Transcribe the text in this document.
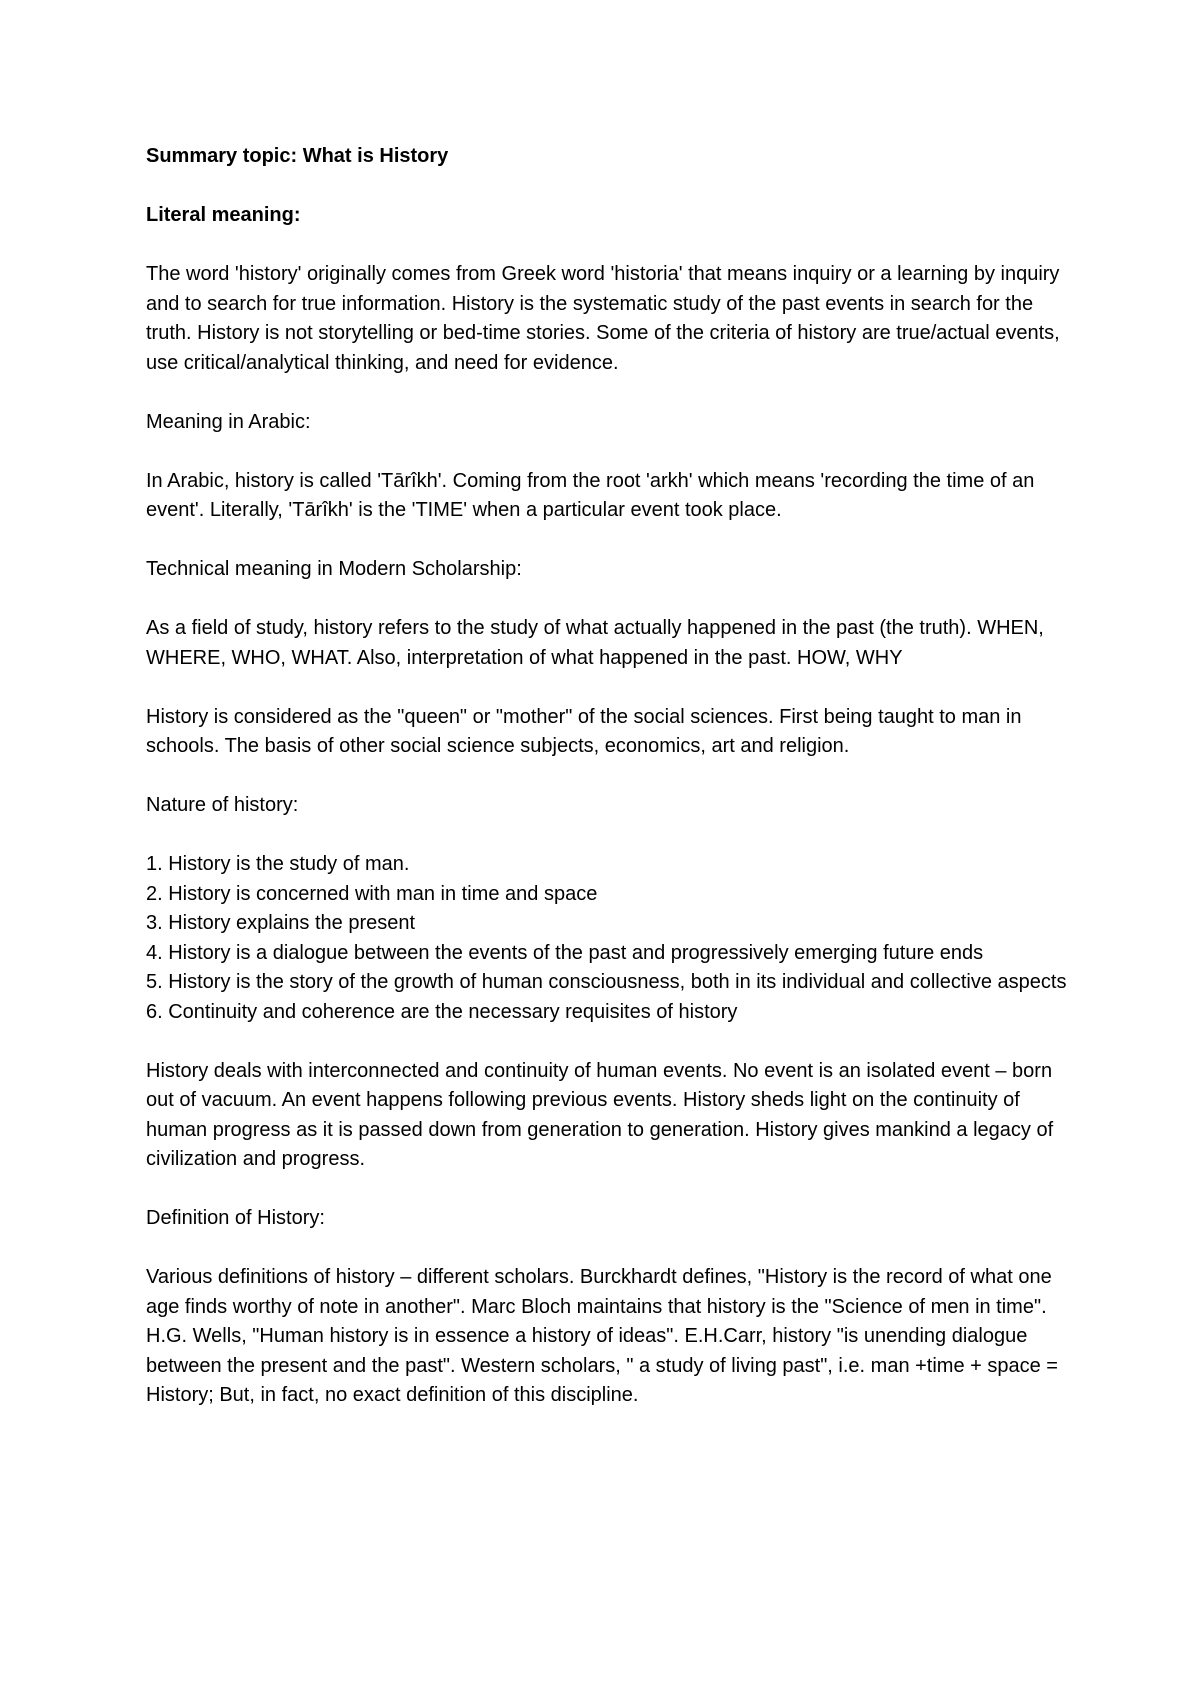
Summary topic: What is History
Literal meaning:
The word 'history' originally comes from Greek word 'historia' that means inquiry or a learning by inquiry and to search for true information. History is the systematic study of the past events in search for the truth. History is not storytelling or bed-time stories. Some of the criteria of history are true/actual events, use critical/analytical thinking, and need for evidence.
Meaning in Arabic:
In Arabic, history is called 'Tārîkh'. Coming from the root 'arkh' which means 'recording the time of an event'. Literally, 'Tārîkh' is the 'TIME' when a particular event took place.
Technical meaning in Modern Scholarship:
As a field of study, history refers to the study of what actually happened in the past (the truth). WHEN, WHERE, WHO, WHAT. Also, interpretation of what happened in the past. HOW, WHY
History is considered as the "queen" or "mother" of the social sciences. First being taught to man in schools. The basis of other social science subjects, economics, art and religion.
Nature of history:
1. History is the study of man.
2. History is concerned with man in time and space
3. History explains the present
4. History is a dialogue between the events of the past and progressively emerging future ends
5. History is the story of the growth of human consciousness, both in its individual and collective aspects
6. Continuity and coherence are the necessary requisites of history
History deals with interconnected and continuity of human events. No event is an isolated event – born out of vacuum. An event happens following previous events. History sheds light on the continuity of human progress as it is passed down from generation to generation. History gives mankind a legacy of civilization and progress.
Definition of History:
Various definitions of history – different scholars. Burckhardt defines, "History is the record of what one age finds worthy of note in another". Marc Bloch maintains that history is the "Science of men in time". H.G. Wells, "Human history is in essence a history of ideas". E.H.Carr, history "is unending dialogue between the present and the past". Western scholars, " a study of living past", i.e. man +time + space = History; But, in fact, no exact definition of this discipline.
